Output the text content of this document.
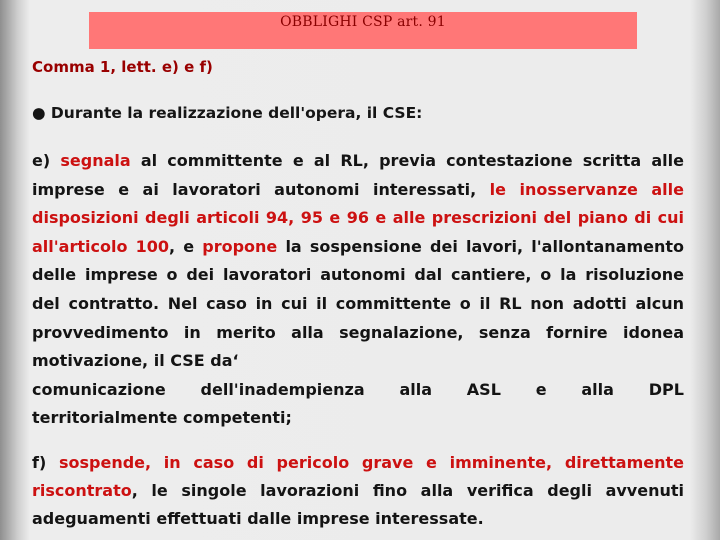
OBBLIGHI CSP art. 91
Comma 1, lett. e) e f)
● Durante la realizzazione dell'opera, il CSE:
e) segnala al committente e al RL, previa contestazione scritta alle imprese e ai lavoratori autonomi interessati, le inosservanze alle disposizioni degli articoli 94, 95 e 96 e alle prescrizioni del piano di cui all'articolo 100, e propone la sospensione dei lavori, l'allontanamento delle imprese o dei lavoratori autonomi dal cantiere, o la risoluzione del contratto. Nel caso in cui il committente o il RL non adotti alcun provvedimento in merito alla segnalazione, senza fornire idonea motivazione, il CSE da‘
comunicazione dell'inadempienza alla ASL e alla DPL
territorialmente competenti;
f) sospende, in caso di pericolo grave e imminente, direttamente riscontrato, le singole lavorazioni fino alla verifica degli avvenuti adeguamenti effettuati dalle imprese interessate.
